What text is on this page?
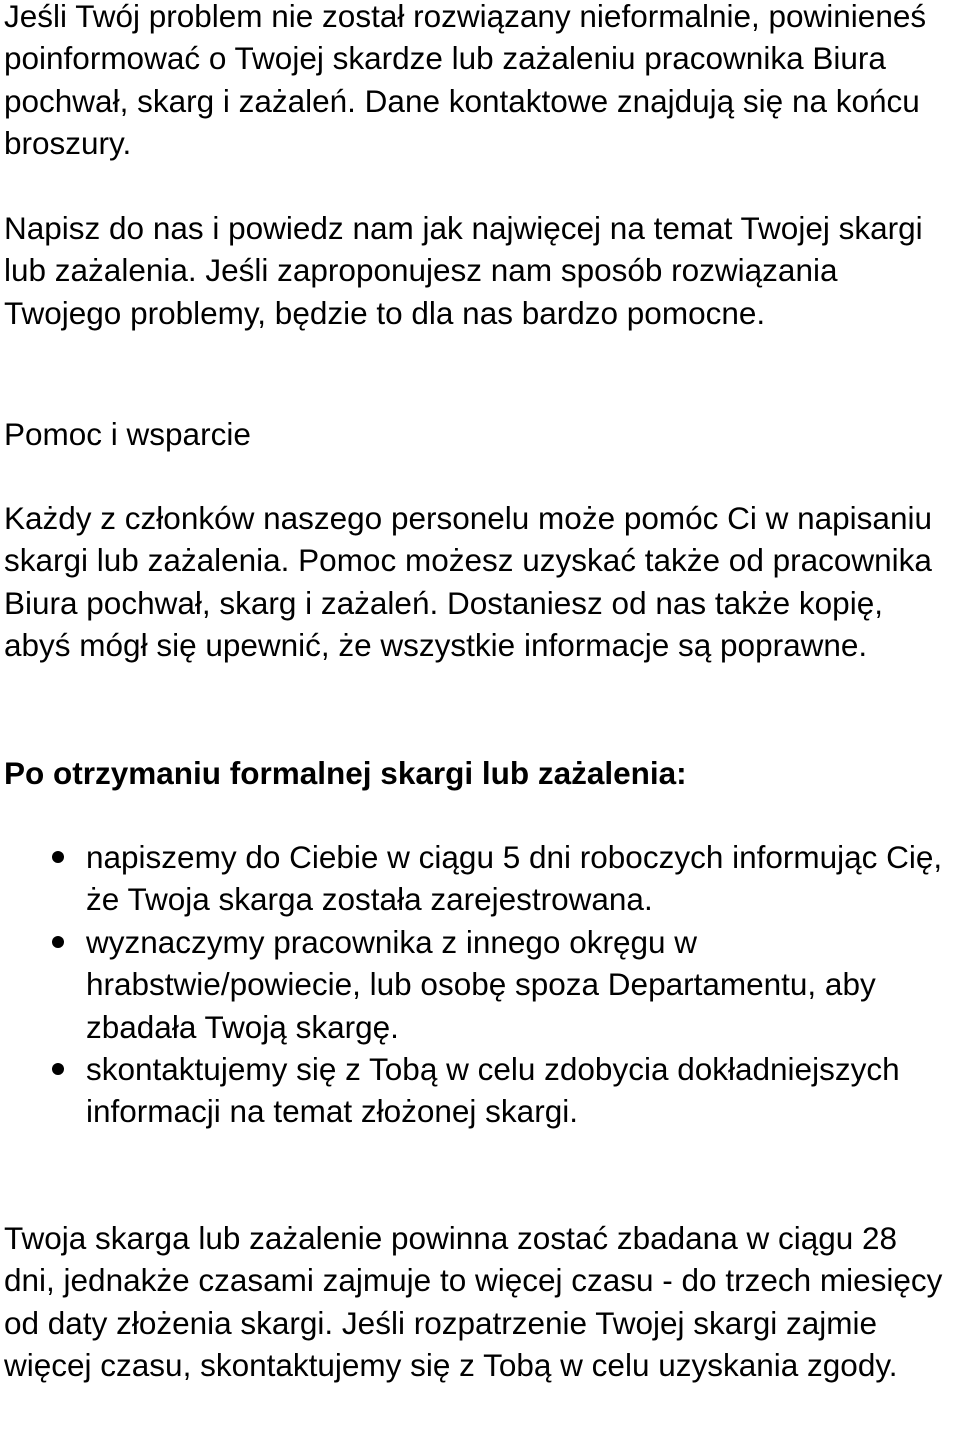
Jeśli Twój problem nie został rozwiązany nieformalnie, powinieneś poinformować o Twojej skardze lub zażaleniu pracownika Biura pochwał, skarg i zażaleń. Dane kontaktowe znajdują się na końcu broszury.

Napisz do nas i powiedz nam jak najwięcej na temat Twojej skargi lub zażalenia. Jeśli zaproponujesz nam sposób rozwiązania Twojego problemy, będzie to dla nas bardzo pomocne.

Pomoc i wsparcie

Każdy z członków naszego personelu może pomóc Ci w napisaniu skargi lub zażalenia. Pomoc możesz uzyskać także od pracownika Biura pochwał, skarg i zażaleń. Dostaniesz od nas także kopię, abyś mógł się upewnić, że wszystkie informacje są poprawne.

Po otrzymaniu formalnej skargi lub zażalenia:

napiszemy do Ciebie w ciągu 5 dni roboczych informując Cię, że Twoja skarga została zarejestrowana.
wyznaczymy pracownika z innego okręgu w hrabstwie/powiecie, lub osobę spoza Departamentu, aby zbadała Twoją skargę.
skontaktujemy się z Tobą w celu zdobycia dokładniejszych informacji na temat złożonej skargi.

Twoja skarga lub zażalenie powinna zostać zbadana w ciągu 28 dni, jednakże czasami zajmuje to więcej czasu - do trzech miesięcy od daty złożenia skargi. Jeśli rozpatrzenie Twojej skargi zajmie więcej czasu, skontaktujemy się z Tobą w celu uzyskania zgody.
